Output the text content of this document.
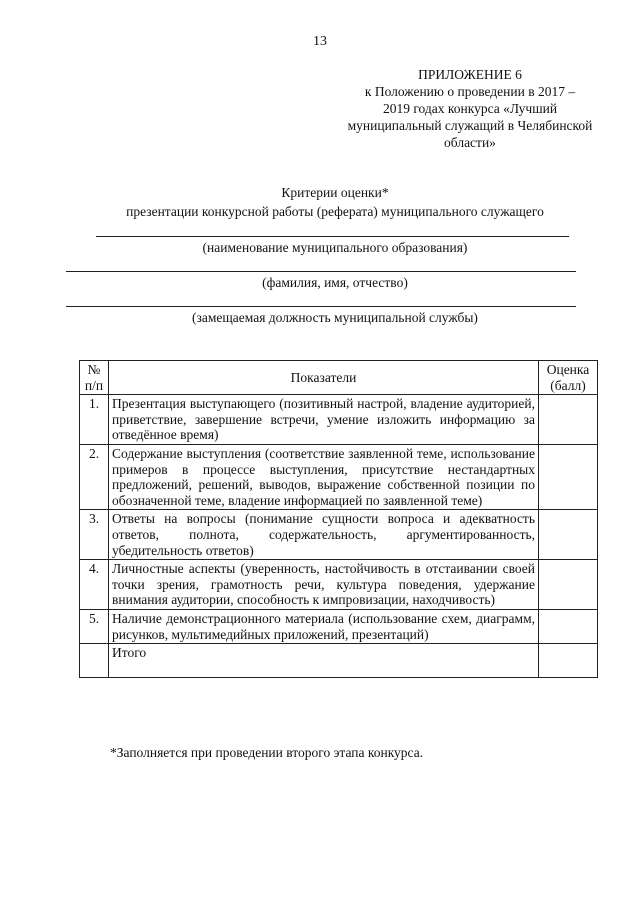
13
ПРИЛОЖЕНИЕ 6
к Положению о проведении в 2017 –
2019 годах конкурса «Лучший
муниципальный служащий в Челябинской
области»
Критерии оценки*
презентации конкурсной работы (реферата) муниципального служащего
(наименование муниципального образования)
(фамилия, имя, отчество)
(замещаемая должность муниципальной службы)
№ п/п	Показатели	Оценка (балл)
1.	Презентация выступающего (позитивный настрой, владение аудиторией, приветствие, завершение встречи, умение изложить информацию за отведённое время)	
2.	Содержание выступления (соответствие заявленной теме, использование примеров в процессе выступления, присутствие нестандартных предложений, решений, выводов, выражение собственной позиции по обозначенной теме, владение информацией по заявленной теме)	
3.	Ответы на вопросы (понимание сущности вопроса и адекватность ответов, полнота, содержательность, аргументированность, убедительность ответов)	
4.	Личностные аспекты (уверенность, настойчивость в отстаивании своей точки зрения, грамотность речи, культура поведения, удержание внимания аудитории, способность к импровизации, находчивость)	
5.	Наличие демонстрационного материала (использование схем, диаграмм, рисунков, мультимедийных приложений, презентаций)	
	Итого	
*Заполняется при проведении второго этапа конкурса.
